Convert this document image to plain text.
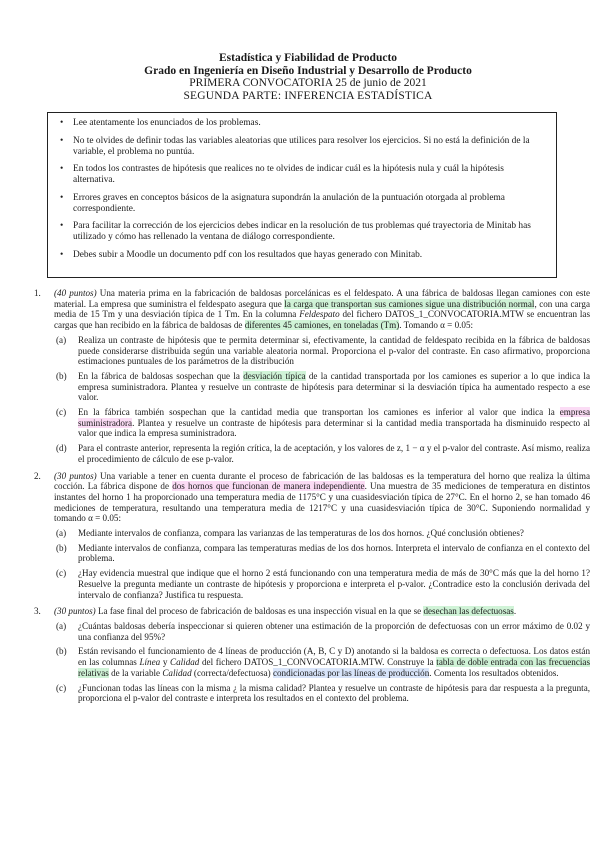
Estadística y Fiabilidad de Producto
Grado en Ingeniería en Diseño Industrial y Desarrollo de Producto
PRIMERA CONVOCATORIA 25 de junio de 2021
SEGUNDA PARTE: INFERENCIA ESTADÍSTICA
• Lee atentamente los enunciados de los problemas.
• No te olvides de definir todas las variables aleatorias que utilices para resolver los ejercicios. Si no está la definición de la variable, el problema no puntúa.
• En todos los contrastes de hipótesis que realices no te olvides de indicar cuál es la hipótesis nula y cuál la hipótesis alternativa.
• Errores graves en conceptos básicos de la asignatura supondrán la anulación de la puntuación otorgada al problema correspondiente.
• Para facilitar la corrección de los ejercicios debes indicar en la resolución de tus problemas qué trayectoria de Minitab has utilizado y cómo has rellenado la ventana de diálogo correspondiente.
• Debes subir a Moodle un documento pdf con los resultados que hayas generado con Minitab.
1. (40 puntos) Una materia prima en la fabricación de baldosas porcelánicas es el feldespato. A una fábrica de baldosas llegan camiones con este material. La empresa que suministra el feldespato asegura que la carga que transportan sus camiones sigue una distribución normal, con una carga media de 15 Tm y una desviación típica de 1 Tm. En la columna Feldespato del fichero DATOS_1_CONVOCATORIA.MTW se encuentran las cargas que han recibido en la fábrica de baldosas de diferentes 45 camiones, en toneladas (Tm). Tomando α = 0.05:
(a) Realiza un contraste de hipótesis que te permita determinar si, efectivamente, la cantidad de feldespato recibida en la fábrica de baldosas puede considerarse distribuida según una variable aleatoria normal. Proporciona el p-valor del contraste. En caso afirmativo, proporciona estimaciones puntuales de los parámetros de la distribución
(b) En la fábrica de baldosas sospechan que la desviación típica de la cantidad transportada por los camiones es superior a lo que indica la empresa suministradora. Plantea y resuelve un contraste de hipótesis para determinar si la desviación típica ha aumentado respecto a ese valor.
(c) En la fábrica también sospechan que la cantidad media que transportan los camiones es inferior al valor que indica la empresa suministradora. Plantea y resuelve un contraste de hipótesis para determinar si la cantidad media transportada ha disminuido respecto al valor que indica la empresa suministradora.
(d) Para el contraste anterior, representa la región crítica, la de aceptación, y los valores de z, 1 − α y el p-valor del contraste. Así mismo, realiza el procedimiento de cálculo de ese p-valor.
2. (30 puntos) Una variable a tener en cuenta durante el proceso de fabricación de las baldosas es la temperatura del horno que realiza la última cocción. La fábrica dispone de dos hornos que funcionan de manera independiente. Una muestra de 35 mediciones de temperatura en distintos instantes del horno 1 ha proporcionado una temperatura media de 1175°C y una cuasidesviación típica de 27°C. En el horno 2, se han tomado 46 mediciones de temperatura, resultando una temperatura media de 1217°C y una cuasidesviación típica de 30°C. Suponiendo normalidad y tomando α = 0.05:
(a) Mediante intervalos de confianza, compara las varianzas de las temperaturas de los dos hornos. ¿Qué conclusión obtienes?
(b) Mediante intervalos de confianza, compara las temperaturas medias de los dos hornos. Interpreta el intervalo de confianza en el contexto del problema.
(c) ¿Hay evidencia muestral que indique que el horno 2 está funcionando con una temperatura media de más de 30°C más que la del horno 1? Resuelve la pregunta mediante un contraste de hipótesis y proporciona e interpreta el p-valor. ¿Contradice esto la conclusión derivada del intervalo de confianza? Justifica tu respuesta.
3. (30 puntos) La fase final del proceso de fabricación de baldosas es una inspección visual en la que se desechan las defectuosas.
(a) ¿Cuántas baldosas debería inspeccionar si quieren obtener una estimación de la proporción de defectuosas con un error máximo de 0.02 y una confianza del 95%?
(b) Están revisando el funcionamiento de 4 líneas de producción (A, B, C y D) anotando si la baldosa es correcta o defectuosa. Los datos están en las columnas Línea y Calidad del fichero DATOS_1_CONVOCATORIA.MTW. Construye la tabla de doble entrada con las frecuencias relativas de la variable Calidad (correcta/defectuosa) condicionadas por las líneas de producción. Comenta los resultados obtenidos.
(c) ¿Funcionan todas las líneas con la misma ¿ la misma calidad? Plantea y resuelve un contraste de hipótesis para dar respuesta a la pregunta, proporciona el p-valor del contraste e interpreta los resultados en el contexto del problema.
